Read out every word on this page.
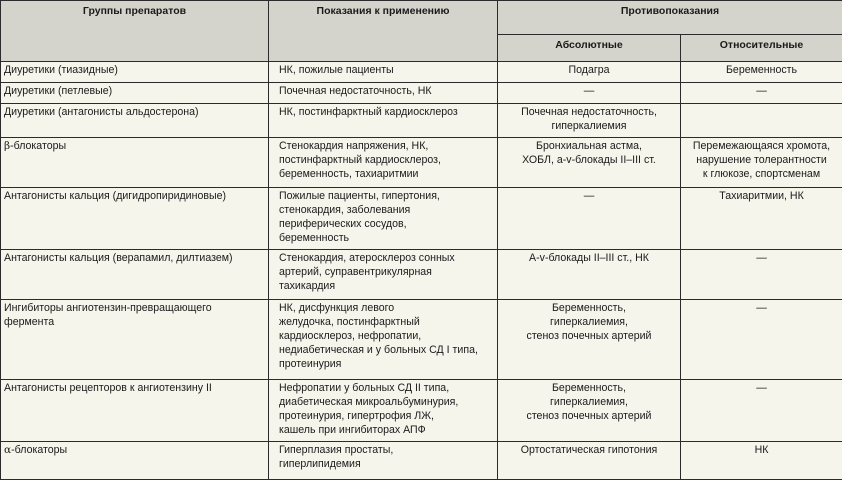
Группы препаратов	Показания к применению	Противопоказания	
		Абсолютные	Относительные

Диуретики (тиазидные)	НК, пожилые пациенты	Подагра	Беременность

Диуретики (петлевые)	Почечная недостаточность, НК	—	—

Диуретики (антагонисты альдостерона)	НК, постинфарктный кардиосклероз	Почечная недостаточность,
гиперкалиемия	

β-блокаторы	Стенокардия напряжения, НК,
постинфарктный кардиосклероз,
беременность, тахиаритмии	Бронхиальная астма,
ХОБЛ, а-v-блокады II–III ст.	Перемежающаяся хромота,
нарушение толерантности
к глюкозе, спортсменам

Антагонисты кальция (дигидропиридиновые)	Пожилые пациенты, гипертония,
стенокардия, заболевания
периферических сосудов,
беременность	—	Тахиаритмии, НК

Антагонисты кальция (верапамил, дилтиазем)	Стенокардия, атеросклероз сонных
артерий, суправентрикулярная
тахикардия	A-v-блокады II–III ст., НК	—

Ингибиторы ангиотензин-превращающего
фермента	НК, дисфункция левого
желудочка, постинфарктный
кардиосклероз, нефропатии,
недиабетическая и у больных СД I типа,
протеинурия	Беременность,
гиперкалиемия,
стеноз почечных артерий	—

Антагонисты рецепторов к ангиотензину II	Нефропатии у больных СД II типа,
диабетическая микроальбуминурия,
протеинурия, гипертрофия ЛЖ,
кашель при ингибиторах АПФ	Беременность,
гиперкалиемия,
стеноз почечных артерий	—

α-блокаторы	Гиперплазия простаты,
гиперлипидемия	Ортостатическая гипотония	НК
